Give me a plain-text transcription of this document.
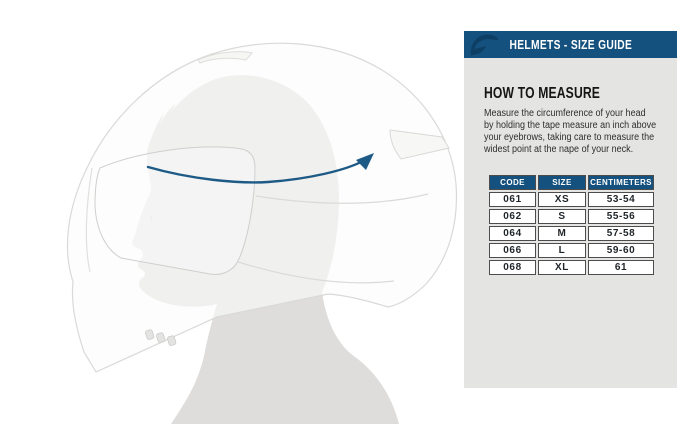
HELMETS - SIZE GUIDE
HOW TO MEASURE
Measure the circumference of your head
by holding the tape measure an inch above
your eyebrows, taking care to measure the
widest point at the nape of your neck.
CODE	SIZE	CENTIMETERS
061	XS	53-54
062	S	55-56
064	M	57-58
066	L	59-60
068	XL	61
